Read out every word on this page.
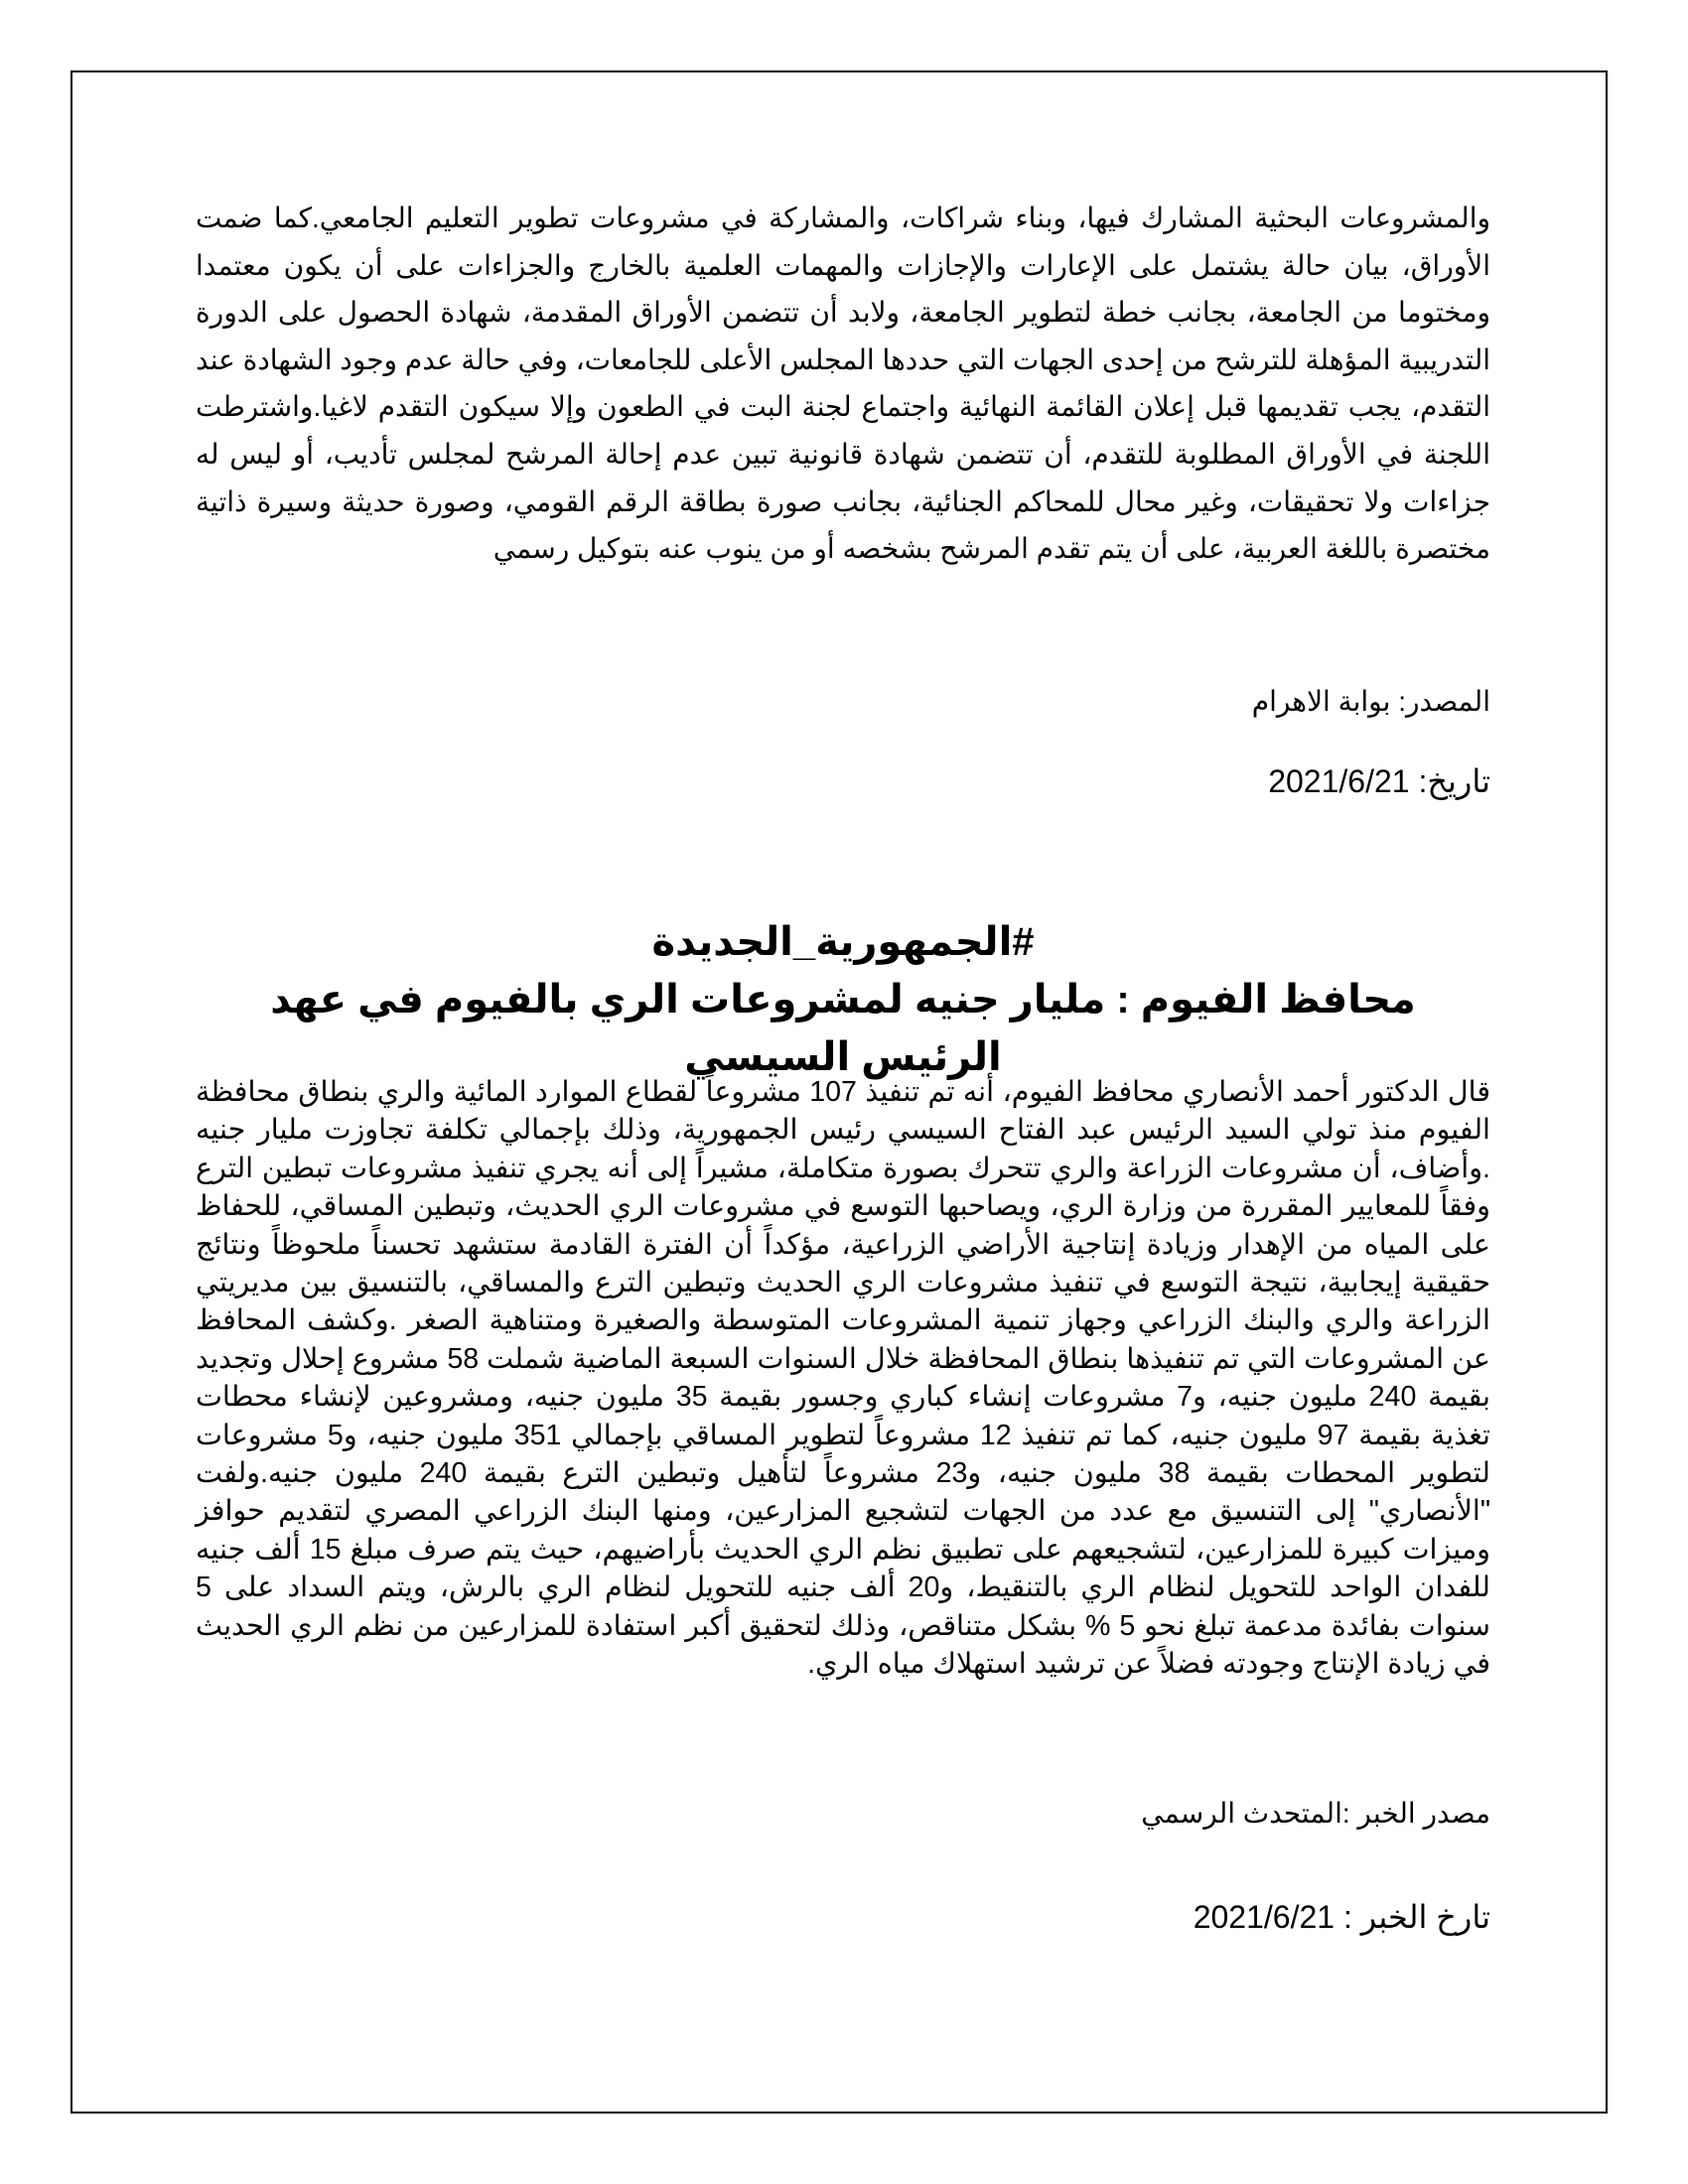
والمشروعات البحثية المشارك فيها، وبناء شراكات، والمشاركة في مشروعات تطوير التعليم الجامعي.كما ضمت الأوراق، بيان حالة يشتمل على الإعارات والإجازات والمهمات العلمية بالخارج والجزاءات على أن يكون معتمدا ومختوما من الجامعة، بجانب خطة لتطوير الجامعة، ولابد أن تتضمن الأوراق المقدمة، شهادة الحصول على الدورة التدريبية المؤهلة للترشح من إحدى الجهات التي حددها المجلس الأعلى للجامعات، وفي حالة عدم وجود الشهادة عند التقدم، يجب تقديمها قبل إعلان القائمة النهائية واجتماع لجنة البت في الطعون وإلا سيكون التقدم لاغيا.واشترطت اللجنة في الأوراق المطلوبة للتقدم، أن تتضمن شهادة قانونية تبين عدم إحالة المرشح لمجلس تأديب، أو ليس له جزاءات ولا تحقيقات، وغير محال للمحاكم الجنائية، بجانب صورة بطاقة الرقم القومي، وصورة حديثة وسيرة ذاتية مختصرة باللغة العربية، على أن يتم تقدم المرشح بشخصه أو من ينوب عنه بتوكيل رسمي

المصدر: بوابة الاهرام
تاريخ: 2021/6/21
#الجمهورية_الجديدة
محافظ الفيوم : مليار جنيه لمشروعات الري بالفيوم في عهد الرئيس السيسي

قال الدكتور أحمد الأنصاري محافظ الفيوم، أنه تم تنفيذ 107 مشروعاً لقطاع الموارد المائية والري بنطاق محافظة الفيوم منذ تولي السيد الرئيس عبد الفتاح السيسي رئيس الجمهورية، وذلك بإجمالي تكلفة تجاوزت مليار جنيه .وأضاف، أن مشروعات الزراعة والري تتحرك بصورة متكاملة، مشيراً إلى أنه يجري تنفيذ مشروعات تبطين الترع وفقاً للمعايير المقررة من وزارة الري، ويصاحبها التوسع في مشروعات الري الحديث، وتبطين المساقي، للحفاظ على المياه من الإهدار وزيادة إنتاجية الأراضي الزراعية، مؤكداً أن الفترة القادمة ستشهد تحسناً ملحوظاً ونتائج حقيقية إيجابية، نتيجة التوسع في تنفيذ مشروعات الري الحديث وتبطين الترع والمساقي، بالتنسيق بين مديريتي الزراعة والري والبنك الزراعي وجهاز تنمية المشروعات المتوسطة والصغيرة ومتناهية الصغر .وكشف المحافظ عن المشروعات التي تم تنفيذها بنطاق المحافظة خلال السنوات السبعة الماضية شملت 58 مشروع إحلال وتجديد بقيمة 240 مليون جنيه، و7 مشروعات إنشاء كباري وجسور بقيمة 35 مليون جنيه، ومشروعين لإنشاء محطات تغذية بقيمة 97 مليون جنيه، كما تم تنفيذ 12 مشروعاً لتطوير المساقي بإجمالي 351 مليون جنيه، و5 مشروعات لتطوير المحطات بقيمة 38 مليون جنيه، و23 مشروعاً لتأهيل وتبطين الترع بقيمة 240 مليون جنيه.ولفت "الأنصاري" إلى التنسيق مع عدد من الجهات لتشجيع المزارعين، ومنها البنك الزراعي المصري لتقديم حوافز وميزات كبيرة للمزارعين، لتشجيعهم على تطبيق نظم الري الحديث بأراضيهم، حيث يتم صرف مبلغ 15 ألف جنيه للفدان الواحد للتحويل لنظام الري بالتنقيط، و20 ألف جنيه للتحويل لنظام الري بالرش، ويتم السداد على 5 سنوات بفائدة مدعمة تبلغ نحو 5 % بشكل متناقص، وذلك لتحقيق أكبر استفادة للمزارعين من نظم الري الحديث في زيادة الإنتاج وجودته فضلاً عن ترشيد استهلاك مياه الري.

مصدر الخبر :المتحدث الرسمي
تارخ الخبر : 2021/6/21
